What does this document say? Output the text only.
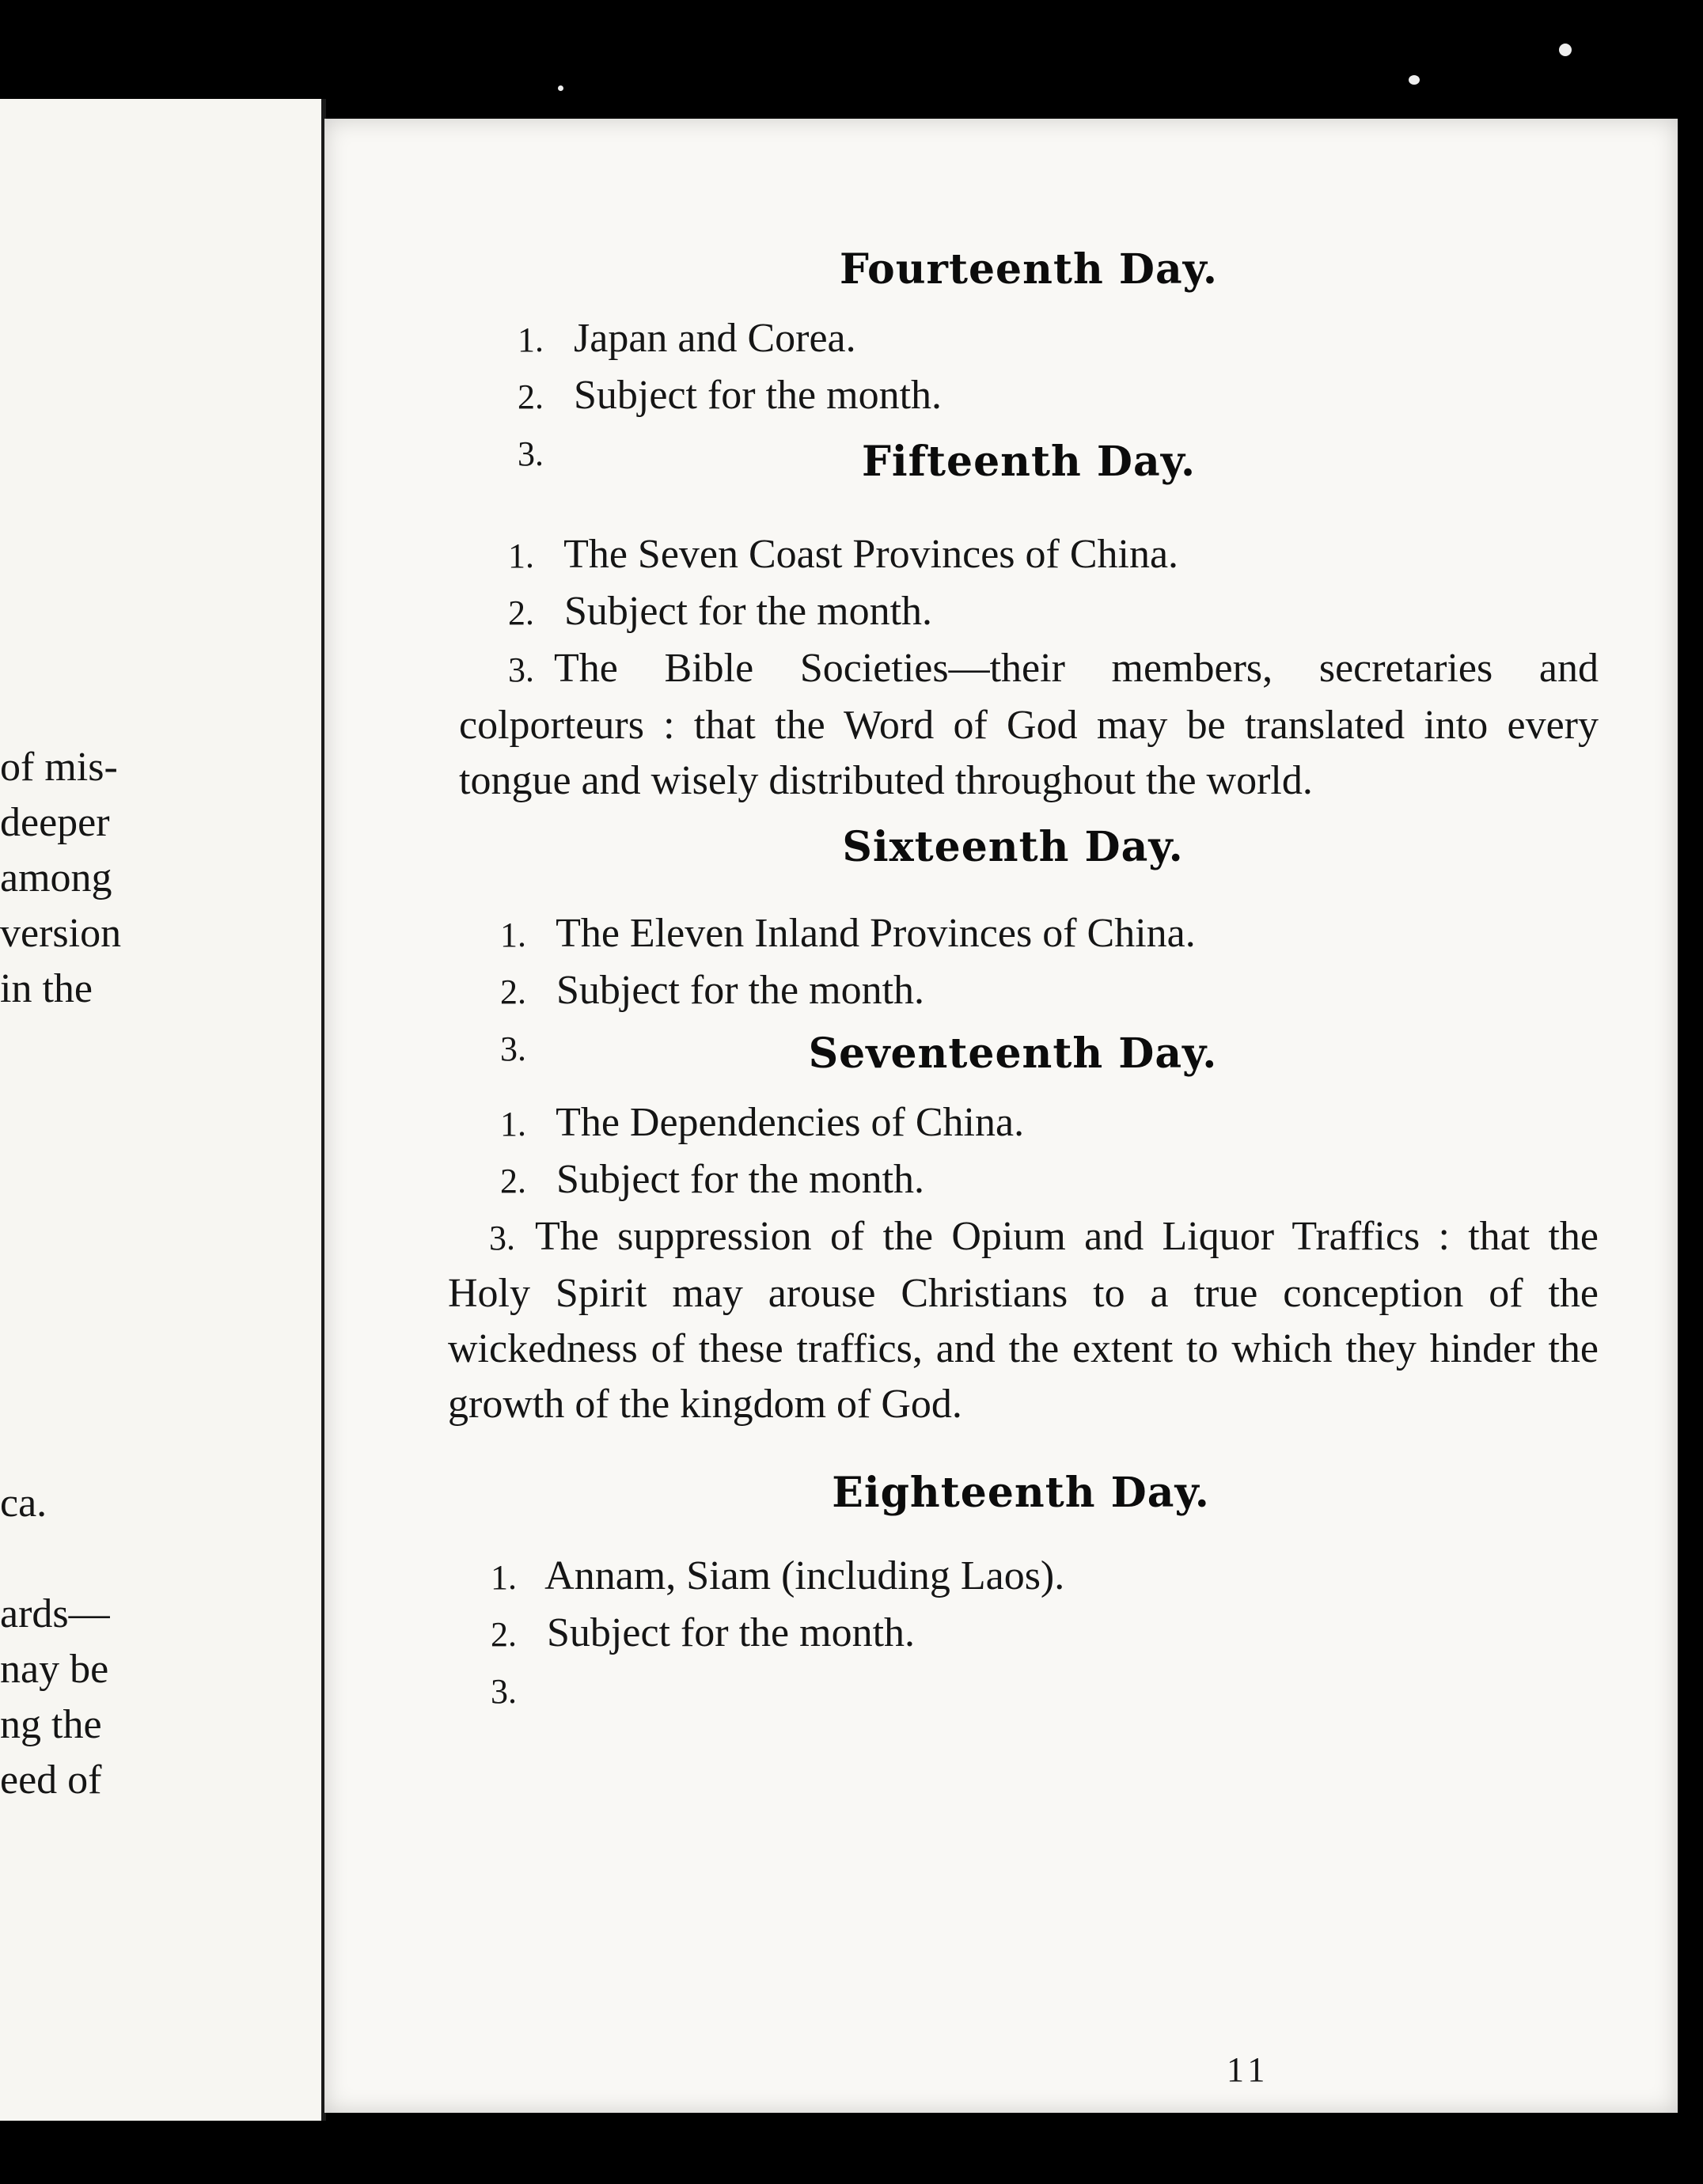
of mis-
deeper
among
version
in the
ca.
ards—
nay be
ng the
eed of
Fourteenth Day.
1. Japan and Corea.
2. Subject for the month.
3.	Fifteenth Day.
1. The Seven Coast Provinces of China.
2. Subject for the month.
3. The Bible Societies—their members, secretaries and colporteurs : that the Word of God may be translated into every tongue and wisely distributed throughout the world.
Sixteenth Day.
1. The Eleven Inland Provinces of China.
2. Subject for the month.
3.	Seventeenth Day.
1. The Dependencies of China.
2. Subject for the month.
3. The suppression of the Opium and Liquor Traffics : that the Holy Spirit may arouse Christians to a true conception of the wickedness of these traffics, and the extent to which they hinder the growth of the kingdom of God.
Eighteenth Day.
1. Annam, Siam (including Laos).
2. Subject for the month.
3.
11
